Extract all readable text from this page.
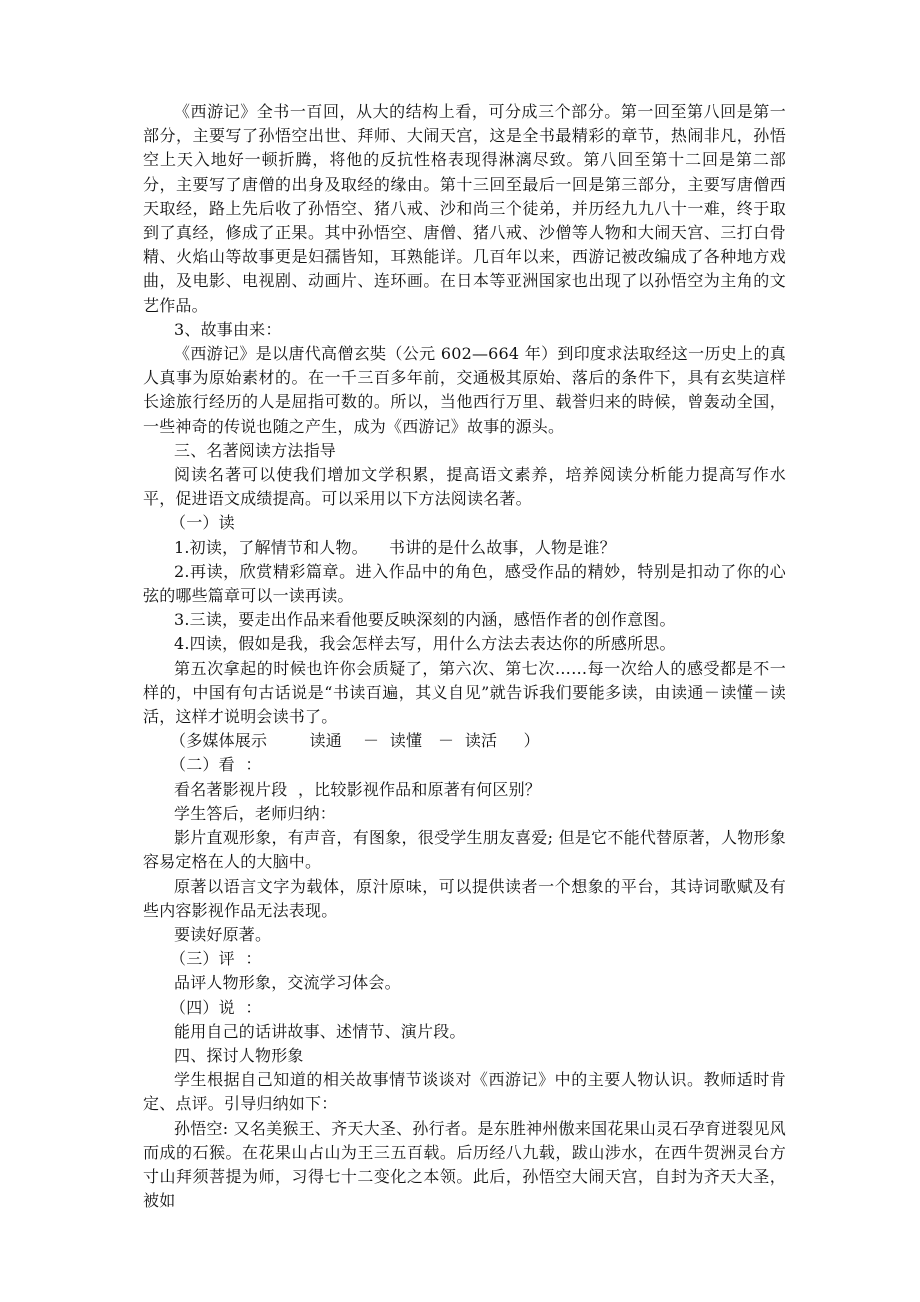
《西游记》全书一百回，从大的结构上看，可分成三个部分。第一回至第八回是第一部分，主要写了孙悟空出世、拜师、大闹天宫，这是全书最精彩的章节，热闹非凡，孙悟空上天入地好一顿折腾，将他的反抗性格表现得淋漓尽致。第八回至第十二回是第二部分，主要写了唐僧的出身及取经的缘由。第十三回至最后一回是第三部分，主要写唐僧西天取经，路上先后收了孙悟空、猪八戒、沙和尚三个徒弟，并历经九九八十一难，终于取到了真经，修成了正果。其中孙悟空、唐僧、猪八戒、沙僧等人物和大闹天宫、三打白骨精、火焰山等故事更是妇孺皆知，耳熟能详。几百年以来，西游记被改编成了各种地方戏曲，及电影、电视剧、动画片、连环画。在日本等亚洲国家也出现了以孙悟空为主角的文艺作品。

3、故事由来：

《西游记》是以唐代高僧玄奘（公元 602—664 年）到印度求法取经这一历史上的真人真事为原始素材的。在一千三百多年前，交通极其原始、落后的条件下，具有玄奘這样长途旅行经历的人是屈指可数的。所以，当他西行万里、载誉归来的時候，曾轰动全国，一些神奇的传说也随之产生，成为《西游记》故事的源头。

三、名著阅读方法指导

阅读名著可以使我们增加文学积累，提高语文素养，培养阅读分析能力提高写作水平，促进语文成绩提高。可以采用以下方法阅读名著。

（一）读

1.初读，了解情节和人物。    书讲的是什么故事，人物是谁？

2.再读，欣赏精彩篇章。进入作品中的角色，感受作品的精妙，特别是扣动了你的心弦的哪些篇章可以一读再读。

3.三读，要走出作品来看他要反映深刻的内涵，感悟作者的创作意图。

4.四读，假如是我，我会怎样去写，用什么方法去表达你的所感所思。

第五次拿起的时候也许你会质疑了，第六次、第七次……每一次给人的感受都是不一样的，中国有句古话说是“书读百遍，其义自见”就告诉我们要能多读，由读通－读懂－读活，这样才说明会读书了。

（多媒体展示        读通    －  读懂   －  读活     ）

（二）看  ：

看名著影视片段  ，比较影视作品和原著有何区别？

学生答后，老师归纳：

影片直观形象，有声音，有图象，很受学生朋友喜爱; 但是它不能代替原著，人物形象容易定格在人的大脑中。

原著以语言文字为载体，原汁原味，可以提供读者一个想象的平台，其诗词歌赋及有些内容影视作品无法表现。

要读好原著。

（三）评  ：

品评人物形象，交流学习体会。

（四）说  ：

能用自己的话讲故事、述情节、演片段。

四、探讨人物形象

学生根据自己知道的相关故事情节谈谈对《西游记》中的主要人物认识。教师适时肯定、点评。引导归纳如下：

孙悟空: 又名美猴王、齐天大圣、孙行者。是东胜神州傲来国花果山灵石孕育迸裂见风而成的石猴。在花果山占山为王三五百载。后历经八九载，跋山涉水，在西牛贺洲灵台方寸山拜须菩提为师，习得七十二变化之本领。此后，孙悟空大闹天宫，自封为齐天大圣，被如
